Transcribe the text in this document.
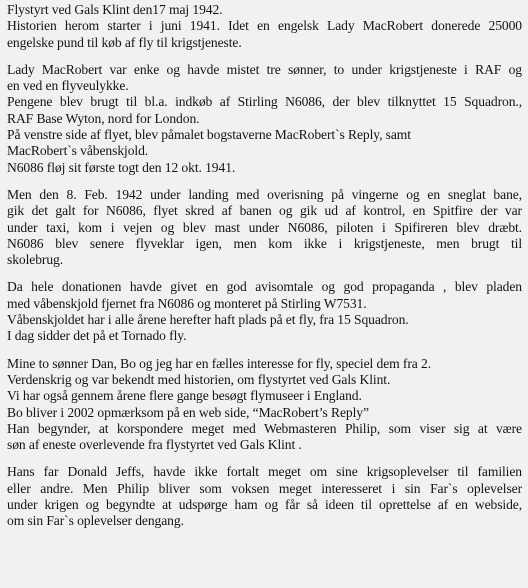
Flystyrt ved Gals Klint den17 maj 1942.
Historien herom starter i juni 1941. Idet en engelsk Lady MacRobert donerede 25000
engelske pund til køb af fly til krigstjeneste.
Lady MacRobert var enke og havde mistet tre sønner, to under krigstjeneste i RAF og
en ved en flyveulykke.
Pengene blev brugt til bl.a. indkøb af Stirling N6086, der blev tilknyttet 15 Squadron.,
RAF Base Wyton, nord for London.
På venstre side af flyet, blev påmalet bogstaverne MacRobert`s Reply, samt
MacRobert`s våbenskjold.
N6086 fløj sit første togt den 12 okt. 1941.
Men den 8. Feb. 1942 under landing med overisning på vingerne og en sneglat bane,
gik det galt for N6086, flyet skred af banen og gik ud af kontrol, en Spitfire der var
under taxi, kom i vejen og blev mast under N6086, piloten i Spifireren blev dræbt.
N6086 blev senere flyveklar igen, men kom ikke i krigstjeneste, men brugt til
skolebrug.
Da hele donationen havde givet en god avisomtale og god propaganda , blev pladen
med våbenskjold fjernet fra N6086 og monteret på Stirling W7531.
Våbenskjoldet har i alle årene herefter haft plads på et fly, fra 15 Squadron.
I dag sidder det på et Tornado fly.
Mine to sønner Dan, Bo og jeg har en fælles interesse for fly, speciel dem fra 2.
Verdenskrig og var bekendt med historien, om flystyrtet ved Gals Klint.
Vi har også gennem årene flere gange besøgt flymuseer i England.
Bo bliver i 2002 opmærksom på en web side, “MacRobert’s Reply”
Han begynder, at korspondere meget med Webmasteren Philip, som viser sig at være
søn af eneste overlevende fra flystyrtet ved Gals Klint .
Hans far Donald Jeffs, havde ikke fortalt meget om sine krigsoplevelser til familien
eller andre. Men Philip bliver som voksen meget interesseret i sin Far`s oplevelser
under krigen og begyndte at udspørge ham og får så ideen til oprettelse af en webside,
om sin Far`s oplevelser dengang.
